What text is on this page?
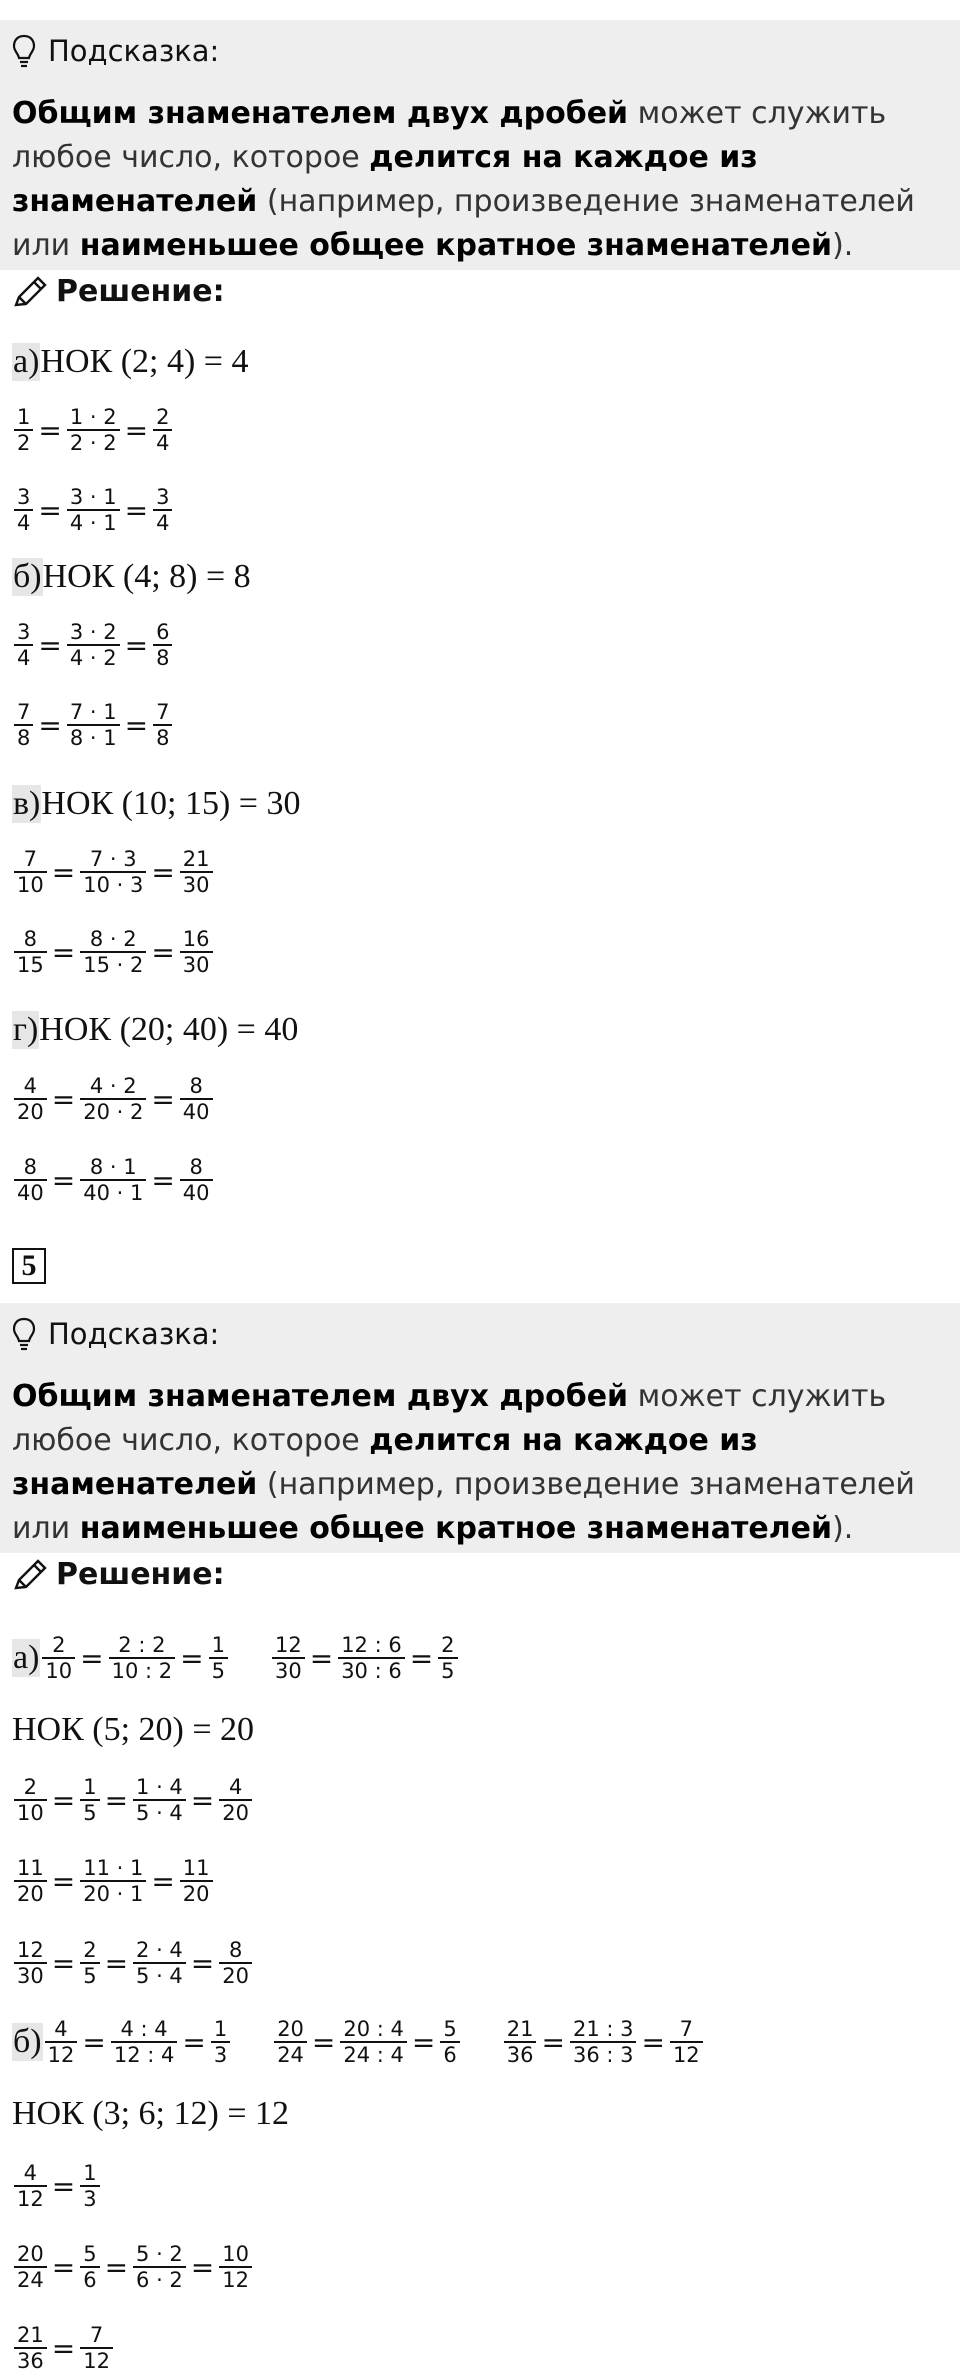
Подсказка:
Общим знаменателем двух дробей может служить любое число, которое делится на каждое из знаменателей (например, произведение знаменателей или наименьшее общее кратное знаменателей).
Решение:
а) НОК (2; 4) = 4
$\frac{1}{2} = \frac{1 \cdot 2}{2 \cdot 2} = \frac{2}{4}$
$\frac{3}{4} = \frac{3 \cdot 1}{4 \cdot 1} = \frac{3}{4}$
б) НОК (4; 8) = 8
$\frac{3}{4} = \frac{3 \cdot 2}{4 \cdot 2} = \frac{6}{8}$
$\frac{7}{8} = \frac{7 \cdot 1}{8 \cdot 1} = \frac{7}{8}$
в) НОК (10; 15) = 30
$\frac{7}{10} = \frac{7 \cdot 3}{10 \cdot 3} = \frac{21}{30}$
$\frac{8}{15} = \frac{8 \cdot 2}{15 \cdot 2} = \frac{16}{30}$
г) НОК (20; 40) = 40
$\frac{4}{20} = \frac{4 \cdot 2}{20 \cdot 2} = \frac{8}{40}$
$\frac{8}{40} = \frac{8 \cdot 1}{40 \cdot 1} = \frac{8}{40}$
5
Подсказка:
Общим знаменателем двух дробей может служить любое число, которое делится на каждое из знаменателей (например, произведение знаменателей или наименьшее общее кратное знаменателей).
Решение:
$а) \frac{2}{10} = \frac{2 : 2}{10 : 2} = \frac{1}{5} \frac{12}{30} = \frac{12 : 6}{30 : 6} = \frac{2}{5}$
НОК (5; 20) = 20
$\frac{2}{10} = \frac{1}{5} = \frac{1 \cdot 4}{5 \cdot 4} = \frac{4}{20}$
$\frac{11}{20} = \frac{11 \cdot 1}{20 \cdot 1} = \frac{11}{20}$
$\frac{12}{30} = \frac{2}{5} = \frac{2 \cdot 4}{5 \cdot 4} = \frac{8}{20}$
$б) \frac{4}{12} = \frac{4 : 4}{12 : 4} = \frac{1}{3} \frac{20}{24} = \frac{20 : 4}{24 : 4} = \frac{5}{6} \frac{21}{36} = \frac{21 : 3}{36 : 3} = \frac{7}{12}$
НОК (3; 6; 12) = 12
$\frac{4}{12} = \frac{1}{3}$
$\frac{20}{24} = \frac{5}{6} = \frac{5 \cdot 2}{6 \cdot 2} = \frac{10}{12}$
$\frac{21}{36} = \frac{7}{12}$
